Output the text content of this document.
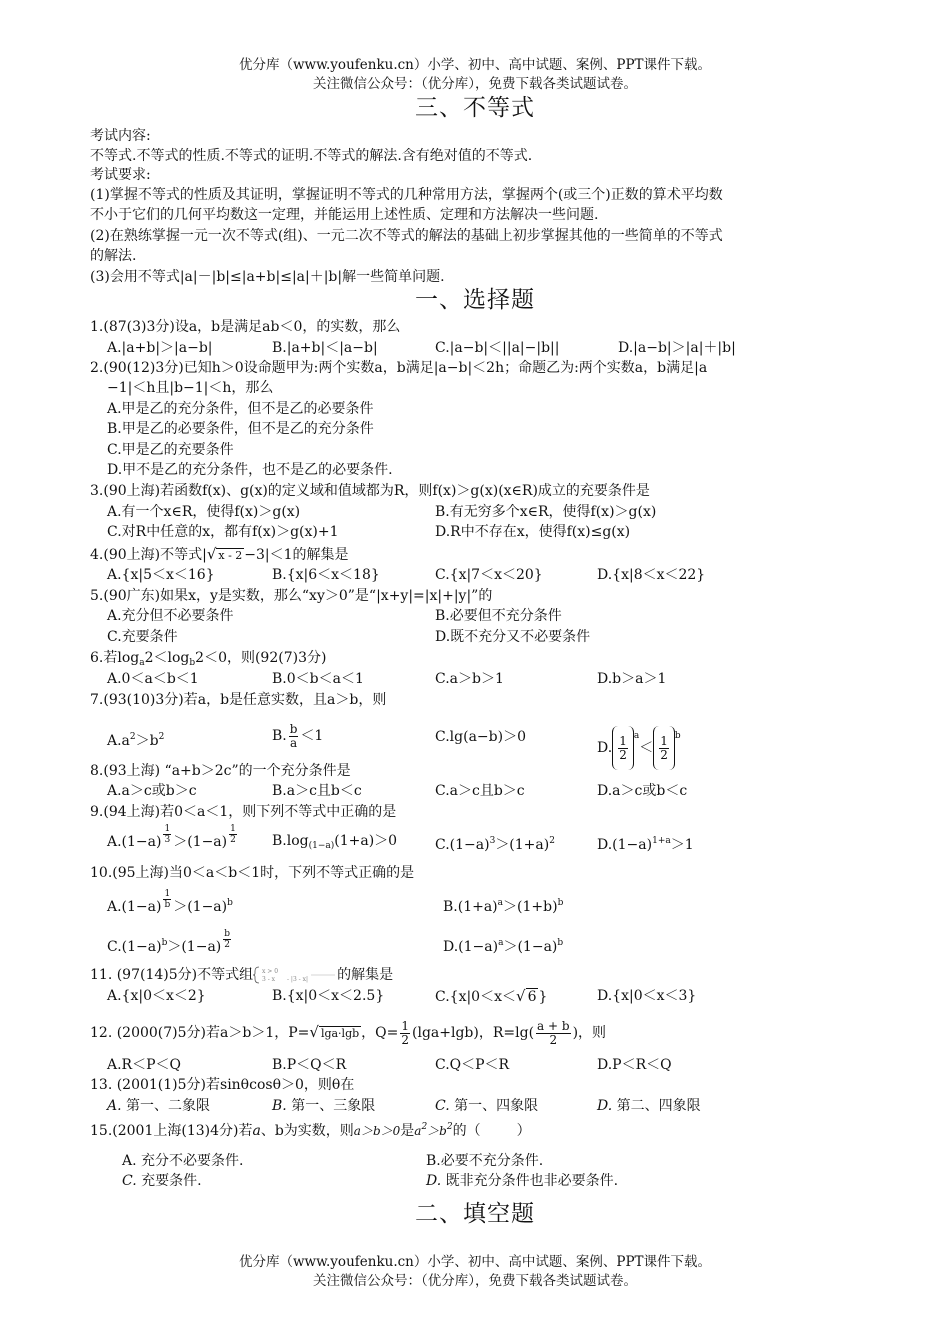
优分库（www.youfenku.cn）小学、初中、高中试题、案例、PPT课件下载。
关注微信公众号：（优分库），免费下载各类试题试卷。
三、不等式
考试内容:
不等式.不等式的性质.不等式的证明.不等式的解法.含有绝对值的不等式.
考试要求:
(1)掌握不等式的性质及其证明，掌握证明不等式的几种常用方法，掌握两个(或三个)正数的算术平均数
不小于它们的几何平均数这一定理，并能运用上述性质、定理和方法解决一些问题.
(2)在熟练掌握一元一次不等式(组)、一元二次不等式的解法的基础上初步掌握其他的一些简单的不等式
的解法.
(3)会用不等式|a|－|b|≤|a+b|≤|a|＋|b|解一些简单问题.
一、选择题
1.(87(3)3分)设a，b是满足ab＜0，的实数，那么
A.|a+b|＞|a−b|	B.|a+b|＜|a−b|	C.|a−b|＜||a|−|b||	D.|a−b|＞|a|＋|b|
2.(90(12)3分)已知h＞0设命题甲为:两个实数a，b满足|a−b|＜2h；命题乙为:两个实数a，b满足|a
−1|＜h且|b−1|＜h，那么
A.甲是乙的充分条件，但不是乙的必要条件
B.甲是乙的必要条件，但不是乙的充分条件
C.甲是乙的充要条件
D.甲不是乙的充分条件，也不是乙的必要条件.
3.(90上海)若函数f(x)、g(x)的定义域和值域都为R，则f(x)＞g(x)(x∈R)成立的充要条件是
A.有一个x∈R，使得f(x)＞g(x)	B.有无穷多个x∈R，使得f(x)＞g(x)
C.对R中任意的x，都有f(x)＞g(x)+1	D.R中不存在x，使得f(x)≤g(x)
4.(90上海)不等式|√ x - 2 −3|＜1的解集是
A.{x|5＜x＜16}	B.{x|6＜x＜18}	C.{x|7＜x＜20}	D.{x|8＜x＜22}
5.(90广东)如果x，y是实数，那么“xy＞0”是“|x+y|=|x|+|y|”的
A.充分但不必要条件	B.必要但不充分条件
C.充要条件	D.既不充分又不必要条件
6.若$\log_a2<\log_b2<0$，则(92(7)3分)
A.0＜a＜b＜1	B.0＜b＜a＜1	C.a＞b＞1	D.b＞a＞1
7.(93(10)3分)若a，b是任意实数，且a＞b，则
$A.a^2>b^2$	B. $\frac{b}{a} <1$	C.lg(a−b)＞0
D. $\frac{1}{2} ^a< \frac{1}{2} ^b$
8.(93上海) “a+b＞2c”的一个充分条件是
A.a＞c或b＞c	B.a＞c且b＜c	C.a＞c且b＞c	D.a＞c或b＜c
9.(94上海)若0＜a＜1，则下列不等式中正确的是
$A.(1-a) \frac{1}{3} >(1-a) \frac{1}{2}$	$B.\log_{(1-a)}(1+a)>0$	$C.(1-a)^3>(1+a)^2$	$D.(1-a)^{1+a}>1$
10.(95上海)当0＜a＜b＜1时，下列不等式正确的是
$A.(1-a) \frac{1}{b} >(1-a)^b$	$B.(1+a)^a>(1+b)^b$
$C.(1-a)^b>(1-a) \frac{b}{2}$	$D.(1-a)^a>(1-a)^b$
11. (97(14)5分)不等式组 x > 0
3 - x - |3 - x| 的解集是
A.{x|0＜x＜2}	B.{x|0＜x＜2.5}	C.{x|0＜x＜√ 6 }	D.{x|0＜x＜3}
12. (2000(7)5分)若a＞b＞1，P=√ lga·lgb ，$Q= \frac{1}{2} (\lg a+\lg b)$，$R=\lg( \frac{a + b}{2}$ )，则
A.R＜P＜Q	B.P＜Q＜R	C.Q＜P＜R	D.P＜R＜Q
13. (2001(1)5分)若sinθcosθ＞0，则θ在
A. 第一、二象限	B. 第一、三象限	C. 第一、四象限	D. 第二、四象限
15.(2001上海(13)4分)若a、b为实数，则a＞b＞0是$a^2>b^2$的（	）
A. 充分不必要条件.	B.必要不充分条件.
C. 充要条件.	D. 既非充分条件也非必要条件.
二、填空题
优分库（www.youfenku.cn）小学、初中、高中试题、案例、PPT课件下载。
关注微信公众号：（优分库），免费下载各类试题试卷。
